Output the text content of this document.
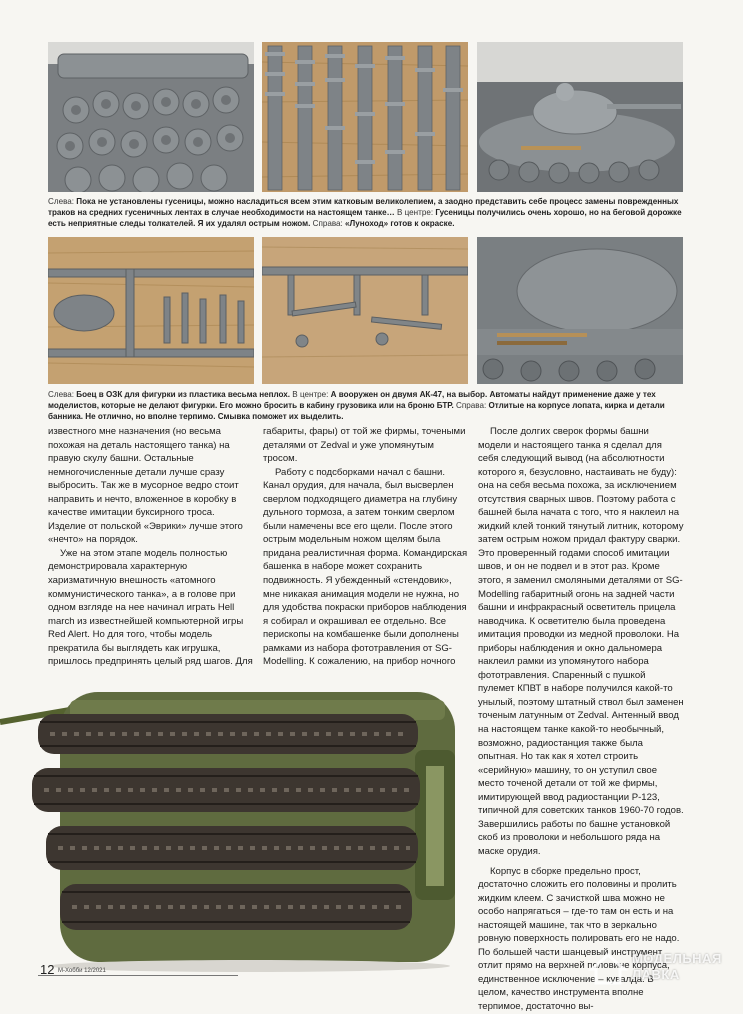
Слева: Пока не установлены гусеницы, можно насладиться всем этим катковым великолепием, а заодно представить себе процесс замены поврежденных траков на средних гусеничных лентах в случае необходимости на настоящем танке… В центре: Гусеницы получились очень хорошо, но на беговой дорожке есть неприятные следы толкателей. Я их удалял острым ножом. Справа: «Луноход» готов к окраске.
Слева: Боец в ОЗК для фигурки из пластика весьма неплох. В центре: А вооружен он двумя АК-47, на выбор. Автоматы найдут применение даже у тех моделистов, которые не делают фигурки. Его можно бросить в кабину грузовика или на броню БТР. Справа: Отлитые на корпусе лопата, кирка и детали банника. Не отлично, но вполне терпимо. Смывка поможет их выделить.

известного мне назначения (но весьма похожая на деталь настоящего танка) на правую скулу башни. Остальные немногочисленные детали лучше сразу выбросить. Так же в мусорное ведро стоит направить и нечто, вложенное в коробку в качестве имитации буксирного троса. Изделие от польской «Эврики» лучше этого «нечто» на порядок.

Уже на этом этапе модель полностью демонстрировала характерную харизматичную внешность «атомного коммунистического танка», а в голове при одном взгляде на нее начинал играть Hell march из известнейшей компьютерной игры Red Alert. Но для того, чтобы модель прекратила бы выглядеть как игрушка, пришлось предпринять целый ряд шагов. Для

габариты, фары) от той же фирмы, точеными деталями от Zedval и уже упомянутым тросом.

Работу с подсборками начал с башни. Канал орудия, для начала, был высверлен сверлом подходящего диаметра на глубину дульного тормоза, а затем тонким сверлом были намечены все его щели. После этого острым модельным ножом щелям была придана реалистичная форма. Командирская башенка в наборе может сохранить подвижность. Я убежденный «стендовик», мне никакая анимация модели не нужна, но для удобства покраски приборов наблюдения я собирал и окрашивал ее отдельно. Все перископы на комбашенке были дополнены рамками из набора фототравления от SG-Modelling. К сожалению, на прибор ночного

После долгих сверок формы башни модели и настоящего танка я сделал для себя следующий вывод (на абсолютности которого я, безусловно, настаивать не буду): она на себя весьма похожа, за исключением отсутствия сварных швов. Поэтому работа с башней была начата с того, что я наклеил на жидкий клей тонкий тянутый литник, которому затем острым ножом придал фактуру сварки. Это проверенный годами способ имитации швов, и он не подвел и в этот раз. Кроме этого, я заменил смоляными деталями от SG-Modelling габаритный огонь на задней части башни и инфракрасный осветитель прицела наводчика. К осветителю была проведена имитация проводки из медной проволоки. На приборы наблюдения и окно дальномера наклеил рамки из упомянутого набора фототравления. Спаренный с пушкой пулемет КПВТ в наборе получился какой-то унылый, поэтому штатный ствол был заменен точеным латунным от Zedval. Антенный ввод на настоящем танке какой-то необычный, возможно, радиостанция также была опытная. Но так как я хотел строить «серийную» машину, то он уступил свое место точеной детали от той же фирмы, имитирующей ввод радиостанции Р-123, типичной для советских танков 1960-70 годов. Завершились работы по башне установкой скоб из проволоки и небольшого ряда на маске орудия.

Корпус в сборке предельно прост, достаточно сложить его половины и пролить жидким клеем. С зачисткой шва можно не особо напрягаться – где-то там он есть и на настоящей машине, так что в зеркально ровную поверхность полировать его не надо. По большей части шанцевый инструмент отлит прямо на верхней половине корпуса, единственное исключение – кувалда. В целом, качество инструмента вполне терпимое, достаточно вы-

12 М-Хобби 12/2021
МОДЕЛЬНАЯ
ЛАВКА
